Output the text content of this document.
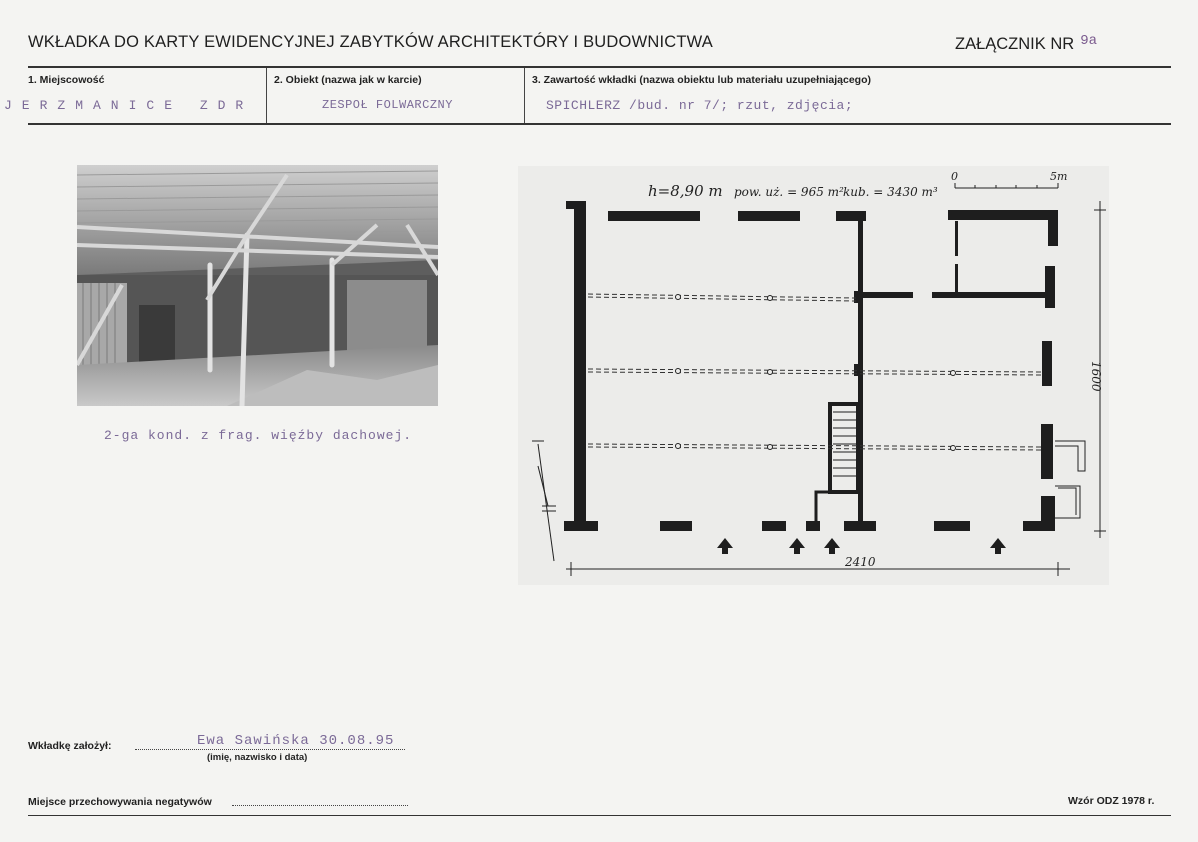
WKŁADKA DO KARTY EWIDENCYJNEJ ZABYTKÓW ARCHITEKTÓRY I BUDOWNICTWA	ZAŁĄCZNIK NR $^{9a}$
1. Miejscowość
JERZMANICE ZDR
2. Obiekt (nazwa jak w karcie)
ZESPOŁ FOLWARCZNY
3. Zawartość wkładki (nazwa obiektu lub materiału uzupełniającego)
SPICHLERZ /bud. nr 7/; rzut, zdjęcia;
2-ga kond. z frag. więźby dachowej.
h=8,90 m pow. uż. = 965 m² kub. = 3430 m³
0	5m
2410
1600
Wkładkę założył:	Ewa Sawińska 30.08.95
(imię, nazwisko i data)
Miejsce przechowywania negatywów	Wzór ODZ 1978 r.
